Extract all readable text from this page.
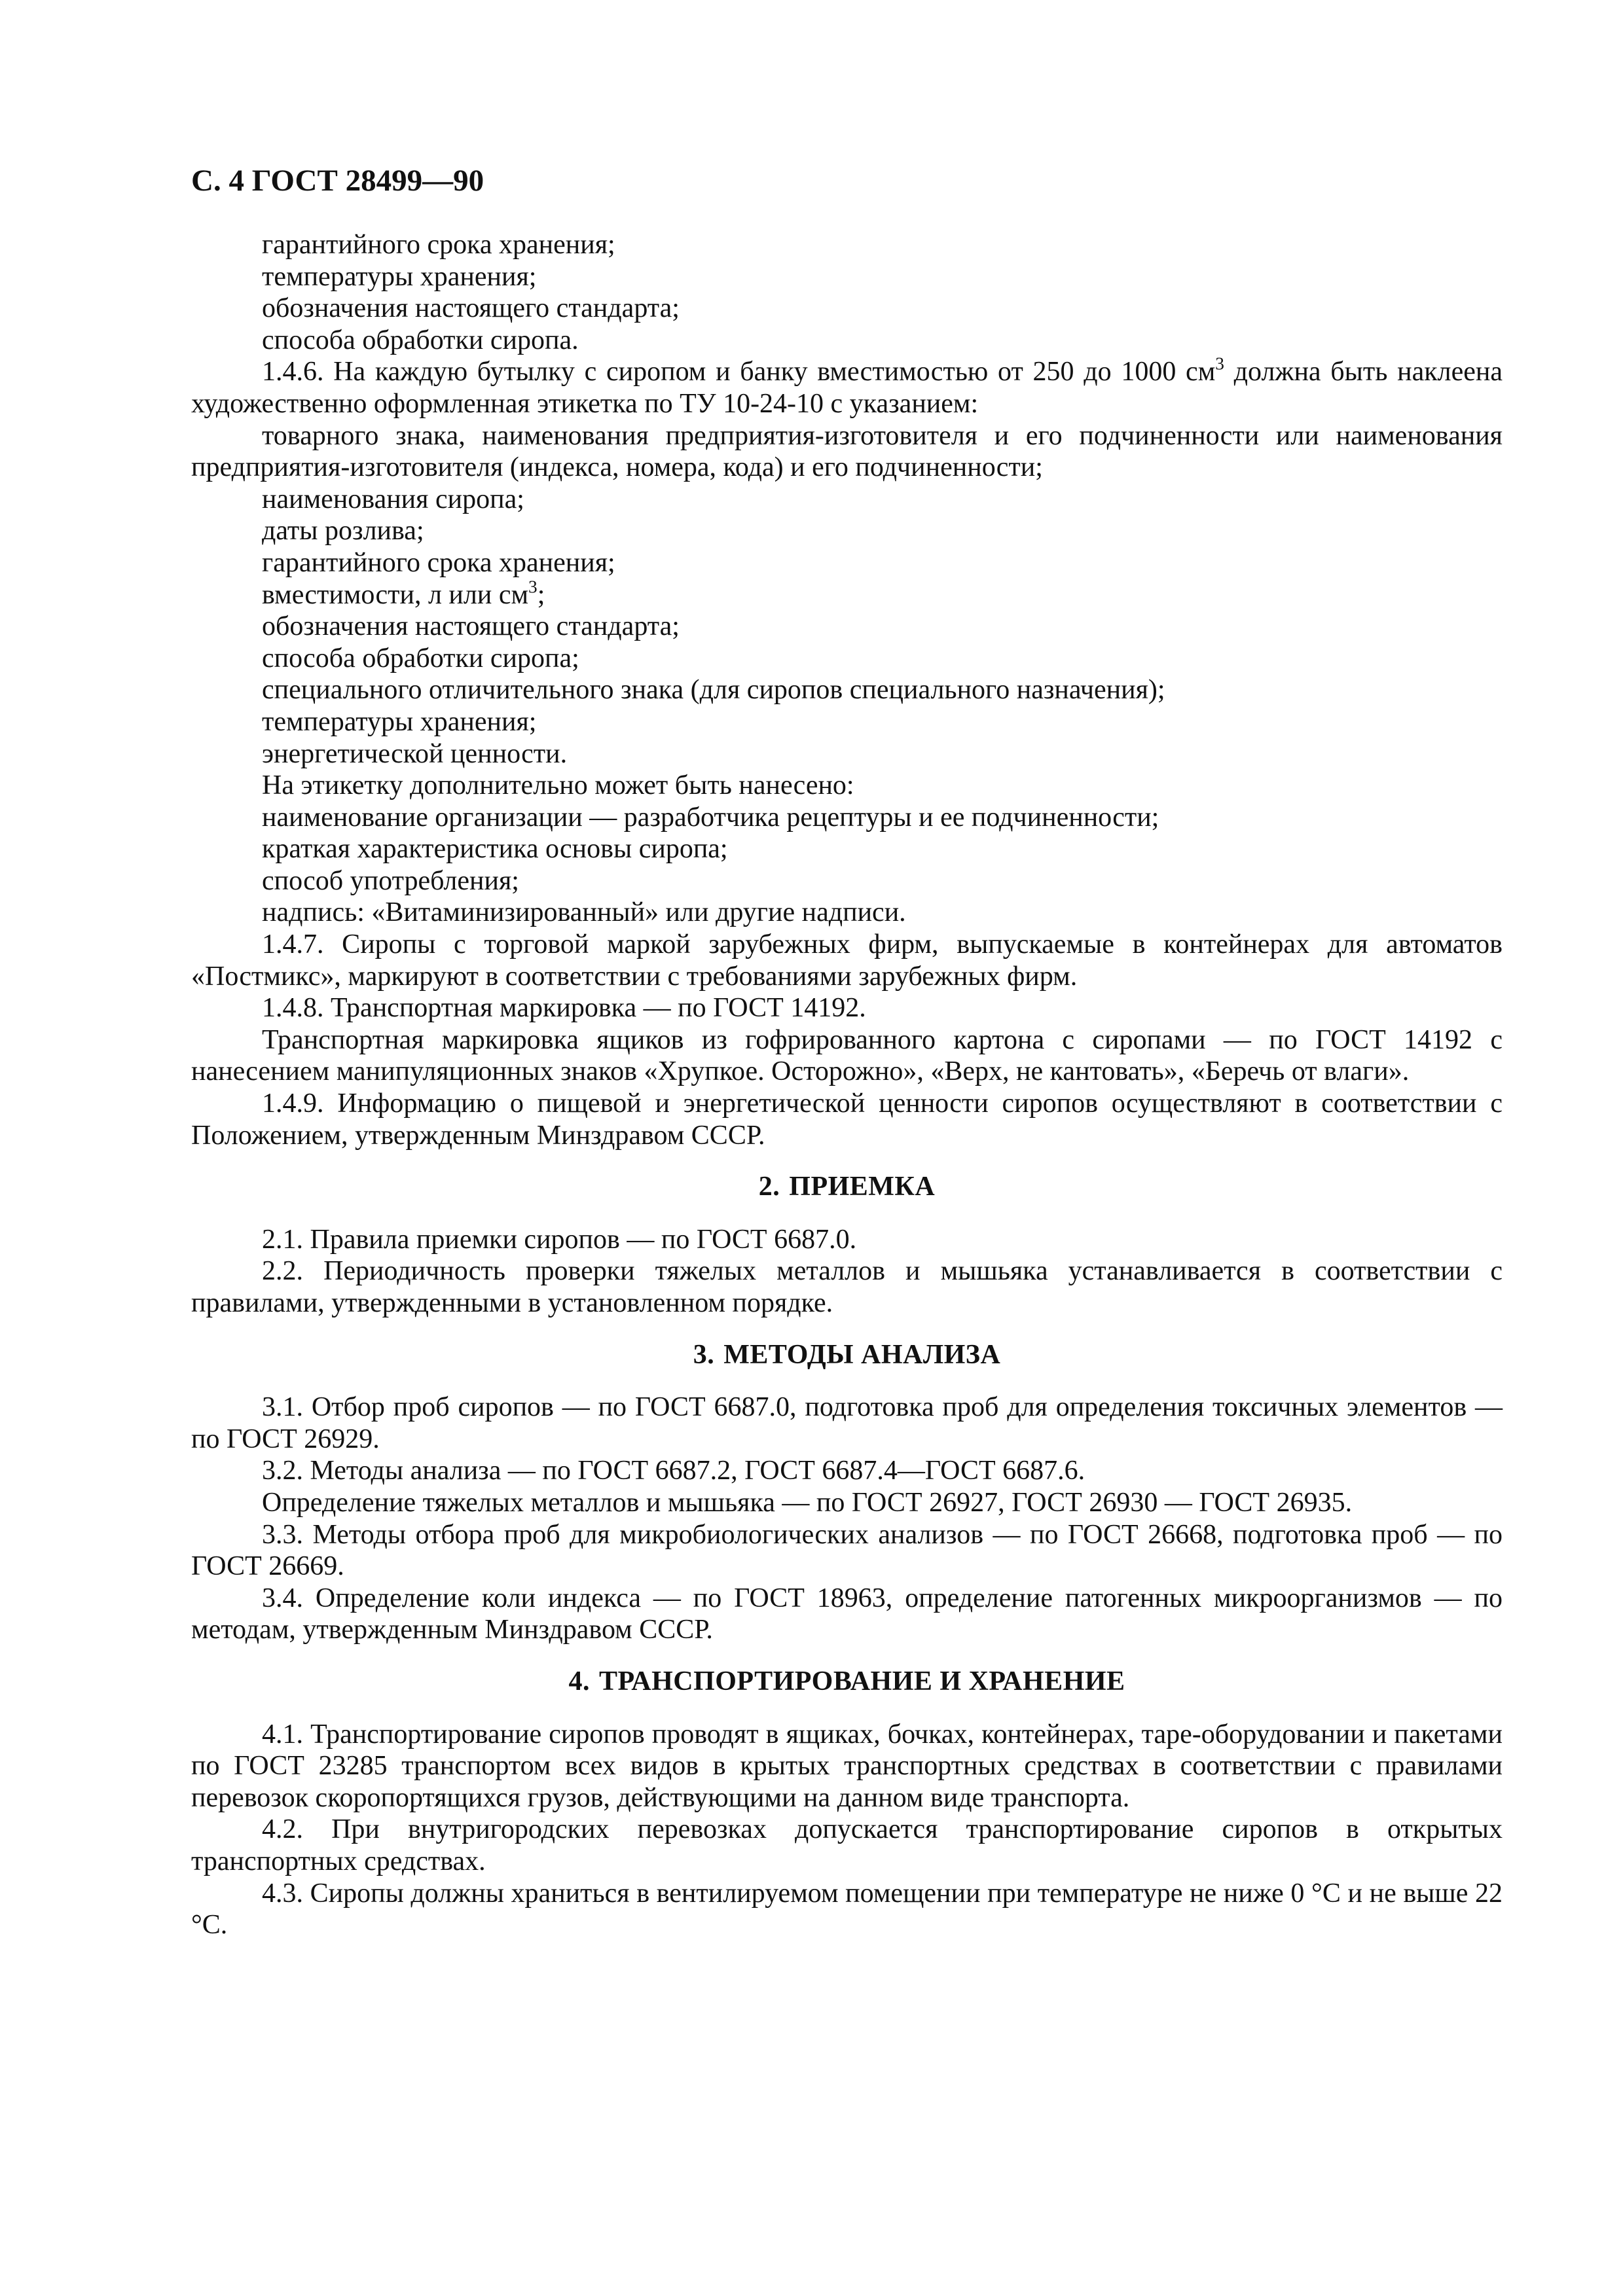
С. 4 ГОСТ 28499—90

гарантийного срока хранения;

температуры хранения;

обозначения настоящего стандарта;

способа обработки сиропа.

1.4.6. На каждую бутылку с сиропом и банку вместимостью от 250 до 1000 $см^3$ должна быть наклеена художественно оформленная этикетка по ТУ 10-24-10 с указанием:

товарного знака, наименования предприятия-изготовителя и его подчиненности или наименования предприятия-изготовителя (индекса, номера, кода) и его подчиненности;

наименования сиропа;

даты розлива;

гарантийного срока хранения;

вместимости, л или $см^3$;

обозначения настоящего стандарта;

способа обработки сиропа;

специального отличительного знака (для сиропов специального назначения);

температуры хранения;

энергетической ценности.

На этикетку дополнительно может быть нанесено:

наименование организации — разработчика рецептуры и ее подчиненности;

краткая характеристика основы сиропа;

способ употребления;

надпись: «Витаминизированный» или другие надписи.

1.4.7. Сиропы с торговой маркой зарубежных фирм, выпускаемые в контейнерах для автоматов «Постмикс», маркируют в соответствии с требованиями зарубежных фирм.

1.4.8. Транспортная маркировка — по ГОСТ 14192.

Транспортная маркировка ящиков из гофрированного картона с сиропами — по ГОСТ 14192 с нанесением манипуляционных знаков «Хрупкое. Осторожно», «Верх, не кантовать», «Беречь от влаги».

1.4.9. Информацию о пищевой и энергетической ценности сиропов осуществляют в соответствии с Положением, утвержденным Минздравом СССР.

2. ПРИЕМКА

2.1. Правила приемки сиропов — по ГОСТ 6687.0.

2.2. Периодичность проверки тяжелых металлов и мышьяка устанавливается в соответствии с правилами, утвержденными в установленном порядке.

3. МЕТОДЫ АНАЛИЗА

3.1. Отбор проб сиропов — по ГОСТ 6687.0, подготовка проб для определения токсичных элементов — по ГОСТ 26929.

3.2. Методы анализа — по ГОСТ 6687.2, ГОСТ 6687.4—ГОСТ 6687.6.

Определение тяжелых металлов и мышьяка — по ГОСТ 26927, ГОСТ 26930 — ГОСТ 26935.

3.3. Методы отбора проб для микробиологических анализов — по ГОСТ 26668, подготовка проб — по ГОСТ 26669.

3.4. Определение коли индекса — по ГОСТ 18963, определение патогенных микроорганизмов — по методам, утвержденным Минздравом СССР.

4. ТРАНСПОРТИРОВАНИЕ И ХРАНЕНИЕ

4.1. Транспортирование сиропов проводят в ящиках, бочках, контейнерах, таре-оборудовании и пакетами по ГОСТ 23285 транспортом всех видов в крытых транспортных средствах в соответствии с правилами перевозок скоропортящихся грузов, действующими на данном виде транспорта.

4.2. При внутригородских перевозках допускается транспортирование сиропов в открытых транспортных средствах.

4.3. Сиропы должны храниться в вентилируемом помещении при температуре не ниже 0 °С и не выше 22 °С.
